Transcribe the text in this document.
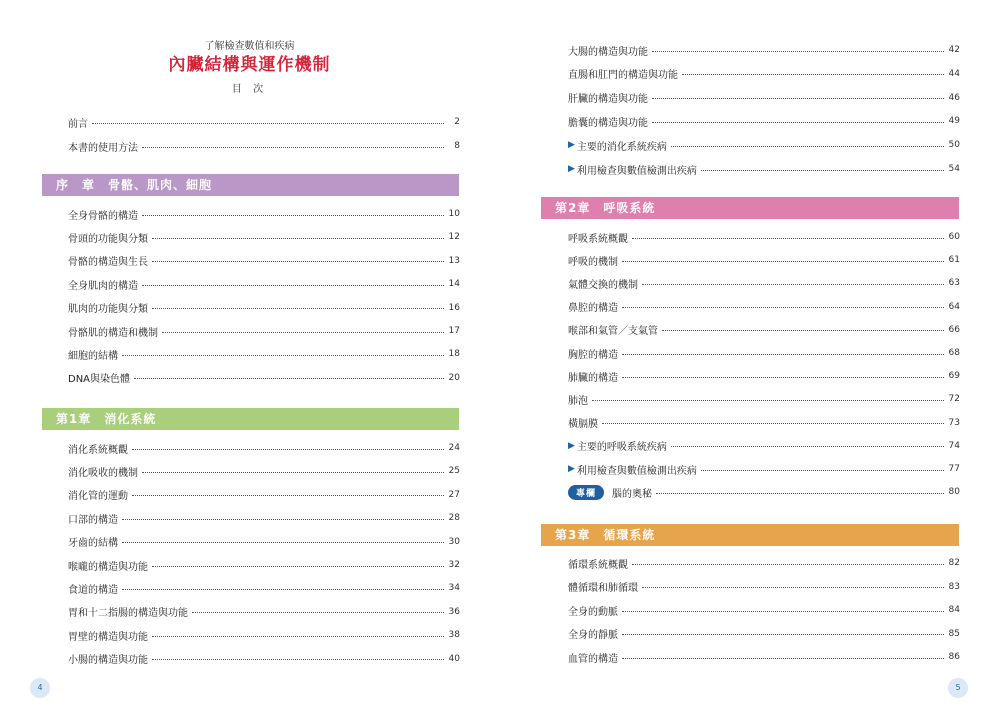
了解檢查數值和疾病
內臟結構與運作機制
目 次
前言	2
本書的使用方法	8
序　章　骨骼、肌肉、細胞
全身骨骼的構造	10
骨頭的功能與分類	12
骨骼的構造與生長	13
全身肌肉的構造	14
肌肉的功能與分類	16
骨骼肌的構造和機制	17
細胞的結構	18
DNA與染色體	20
第1章　消化系統
消化系統概觀	24
消化吸收的機制	25
消化管的運動	27
口部的構造	28
牙齒的結構	30
喉嚨的構造與功能	32
食道的構造	34
胃和十二指腸的構造與功能	36
胃壁的構造與功能	38
小腸的構造與功能	40
4
大腸的構造與功能	42
直腸和肛門的構造與功能	44
肝臟的構造與功能	46
膽囊的構造與功能	49
▶ 主要的消化系統疾病	50
▶ 利用檢查與數值檢測出疾病	54
第2章　呼吸系統
呼吸系統概觀	60
呼吸的機制	61
氣體交換的機制	63
鼻腔的構造	64
喉部和氣管／支氣管	66
胸腔的構造	68
肺臟的構造	69
肺泡	72
橫膈膜	73
▶ 主要的呼吸系統疾病	74
▶ 利用檢查與數值檢測出疾病	77
專欄	腦的奧秘	80
第3章　循環系統
循環系統概觀	82
體循環和肺循環	83
全身的動脈	84
全身的靜脈	85
血管的構造	86
5
